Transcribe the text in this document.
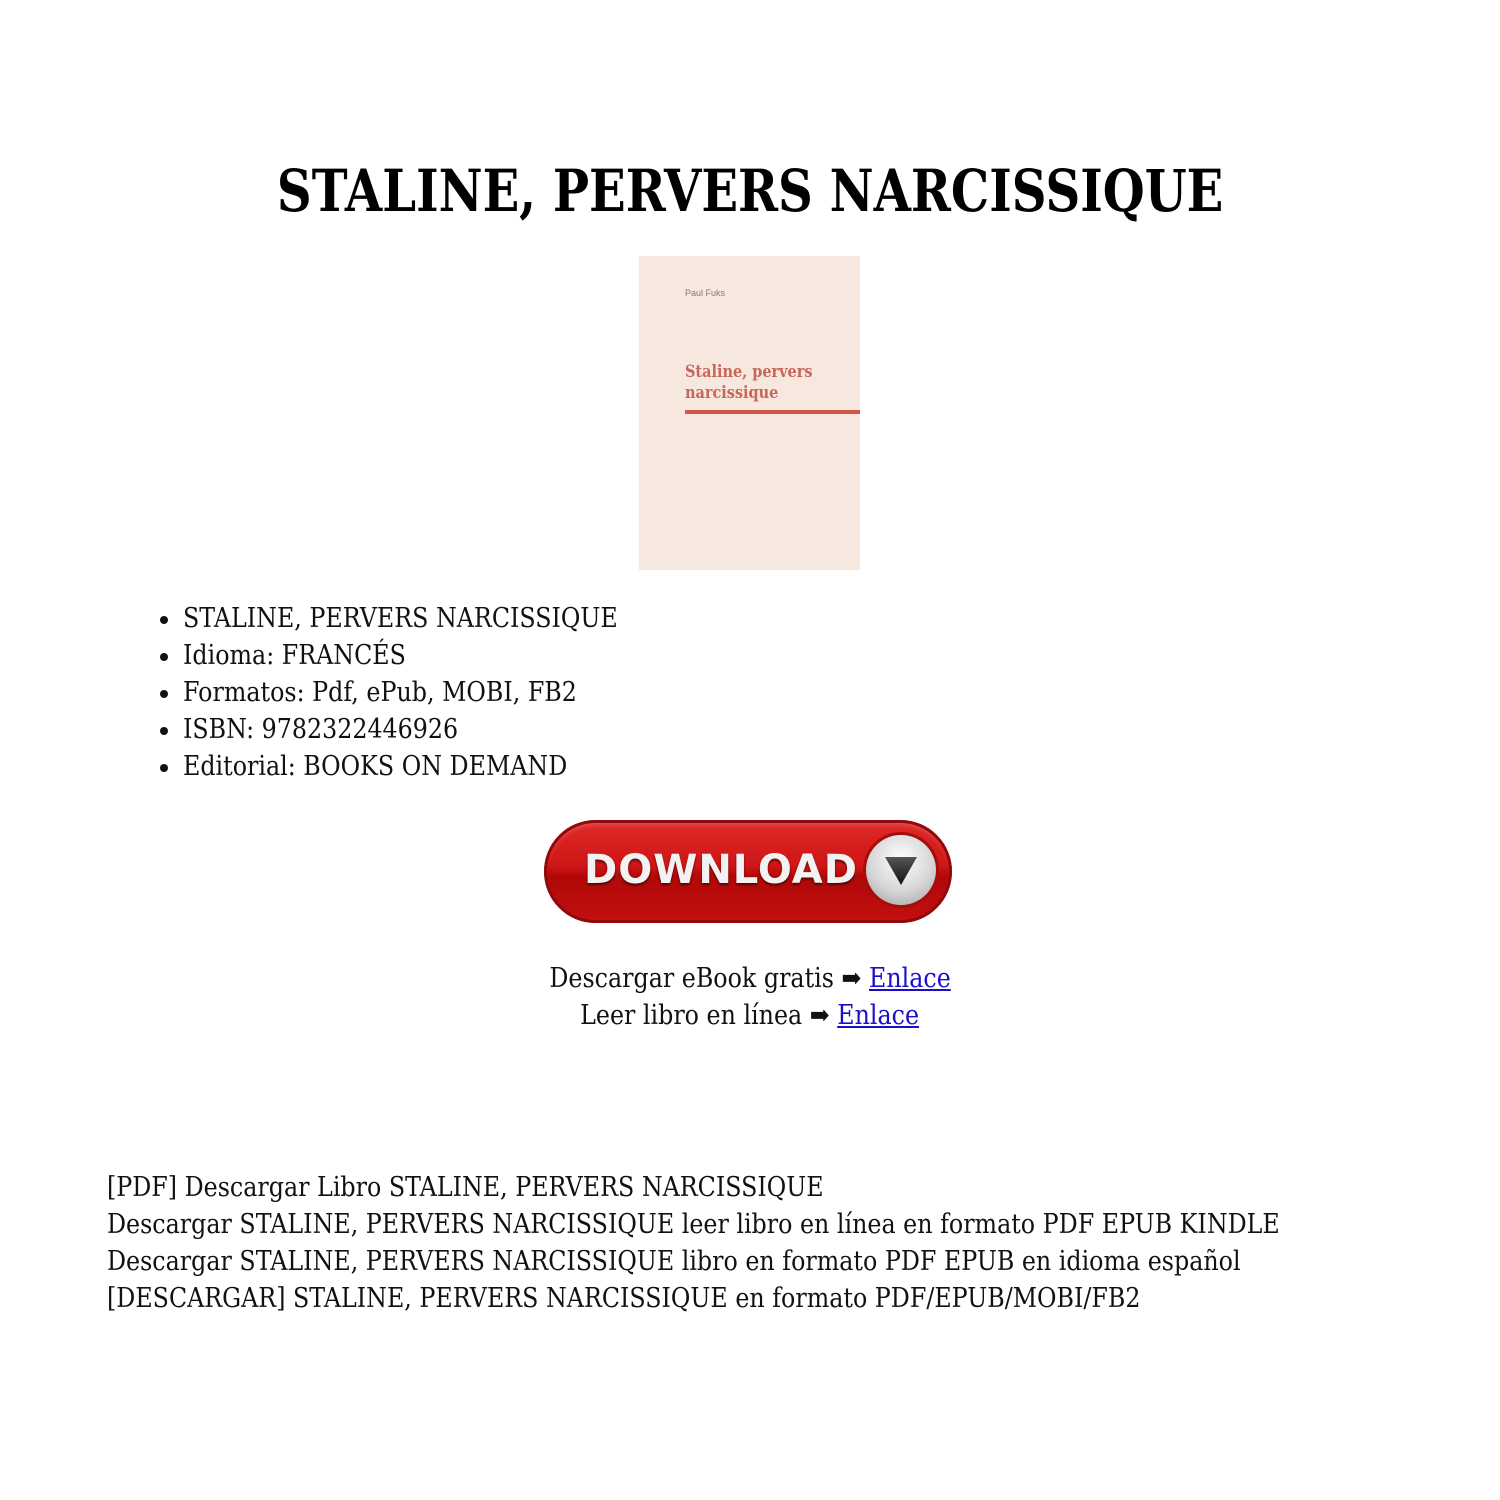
STALINE, PERVERS NARCISSIQUE
Paul Fuks
Staline, pervers
narcissique
STALINE, PERVERS NARCISSIQUE
Idioma: FRANCÉS
Formatos: Pdf, ePub, MOBI, FB2
ISBN: 9782322446926
Editorial: BOOKS ON DEMAND
DOWNLOAD
Descargar eBook gratis ➡ Enlace
Leer libro en línea ➡ Enlace
[PDF] Descargar Libro STALINE, PERVERS NARCISSIQUE
Descargar STALINE, PERVERS NARCISSIQUE leer libro en línea en formato PDF EPUB KINDLE
Descargar STALINE, PERVERS NARCISSIQUE libro en formato PDF EPUB en idioma español
[DESCARGAR] STALINE, PERVERS NARCISSIQUE en formato PDF/EPUB/MOBI/FB2
